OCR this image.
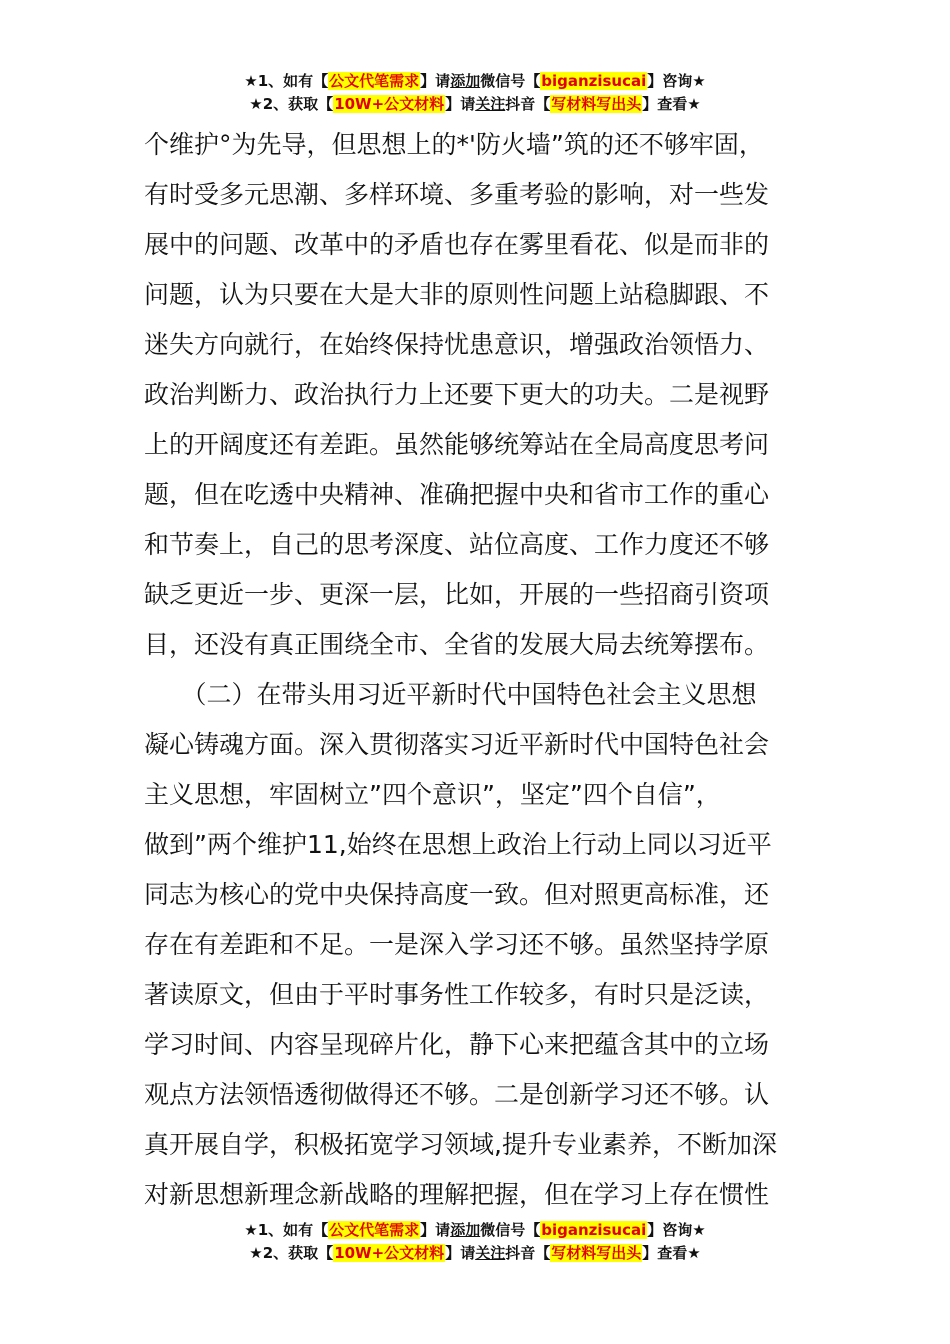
★1、如有【公文代笔需求】请添加微信号【biganzisucai】咨询★
★2、获取【10W+公文材料】请关注抖音【写材料写出头】查看★
个维护°为先导，但思想上的*'防火墙”筑的还不够牢固，
有时受多元思潮、多样环境、多重考验的影响，对一些发
展中的问题、改革中的矛盾也存在雾里看花、似是而非的
问题，认为只要在大是大非的原则性问题上站稳脚跟、不
迷失方向就行，在始终保持忧患意识，增强政治领悟力、
政治判断力、政治执行力上还要下更大的功夫。二是视野
上的开阔度还有差距。虽然能够统筹站在全局高度思考问
题，但在吃透中央精神、准确把握中央和省市工作的重心
和节奏上，自己的思考深度、站位高度、工作力度还不够
缺乏更近一步、更深一层，比如，开展的一些招商引资项
目，还没有真正围绕全市、全省的发展大局去统筹摆布。
　　（二）在带头用习近平新时代中国特色社会主义思想
凝心铸魂方面。深入贯彻落实习近平新时代中国特色社会
主义思想，牢固树立”四个意识”，坚定”四个自信”，
做到”两个维护11,始终在思想上政治上行动上同以习近平
同志为核心的党中央保持高度一致。但对照更高标准，还
存在有差距和不足。一是深入学习还不够。虽然坚持学原
著读原文，但由于平时事务性工作较多，有时只是泛读，
学习时间、内容呈现碎片化，静下心来把蕴含其中的立场
观点方法领悟透彻做得还不够。二是创新学习还不够。认
真开展自学，积极拓宽学习领域,提升专业素养，不断加深
对新思想新理念新战略的理解把握，但在学习上存在惯性
★1、如有【公文代笔需求】请添加微信号【biganzisucai】咨询★
★2、获取【10W+公文材料】请关注抖音【写材料写出头】查看★
